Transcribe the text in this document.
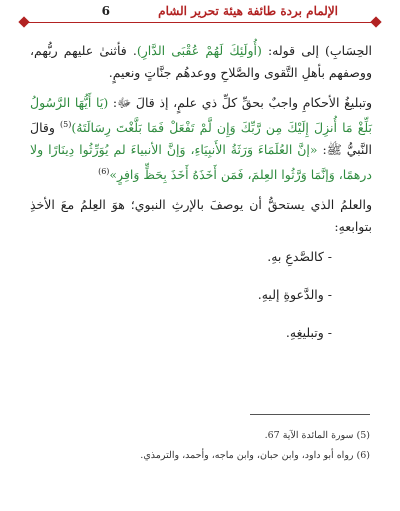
الإلمام بردة طائفة هيئة تحرير الشام
6

الحِسَابِ) إلى قوله: (أُولَئِكَ لَهُمْ عُقْبَى الدَّارِ). فأثنىٰ عليهم ربُّهم، ووصفهم بأهلِ التَّقوى والصَّلاحِ ووعدهُم جنَّاتٍ ونعيمٍ.

وتبليغُ الأحكامِ واجبٌ بحقِّ كلِّ ذي علمٍ، إذ قالَ ﷻ: (يَا أَيُّهَا الرَّسُولُ بَلِّغْ مَا أُنزِلَ إِلَيْكَ مِن رَّبِّكَ وَإِن لَّمْ تَفْعَلْ فَمَا بَلَّغْتَ رِسَالَتَهُ)$^{(5)}$ وقالَ النَّبيُّ ﷺ: «إنَّ العُلَمَاءَ وَرَثَةُ الأَنبِيَاءِ، وَإنَّ الأنبياءَ لم يُوَرِّثُوا دِينَارًا ولا درهمًا، وَإنَّمَا وَرَّثُوا العِلمَ، فَمَن أَخَذَهُ أَخَذَ بِحَظٍّ وَافِرٍ»$^{(6)}$

والعلمُ الذي يستحقُّ أن يوصفَ بالإرثِ النبوي؛ هوَ العِلمُ معَ الأخذِ بتوابعهِ:

- كالصَّدعِ بهِ.
- والدَّعوةِ إليهِ.
- وتبليغِهِ.
(5) سورة المائدة الآية 67.
(6) رواه أبو داود، وابن حبان، وابن ماجه، وأحمد، والترمذي.
